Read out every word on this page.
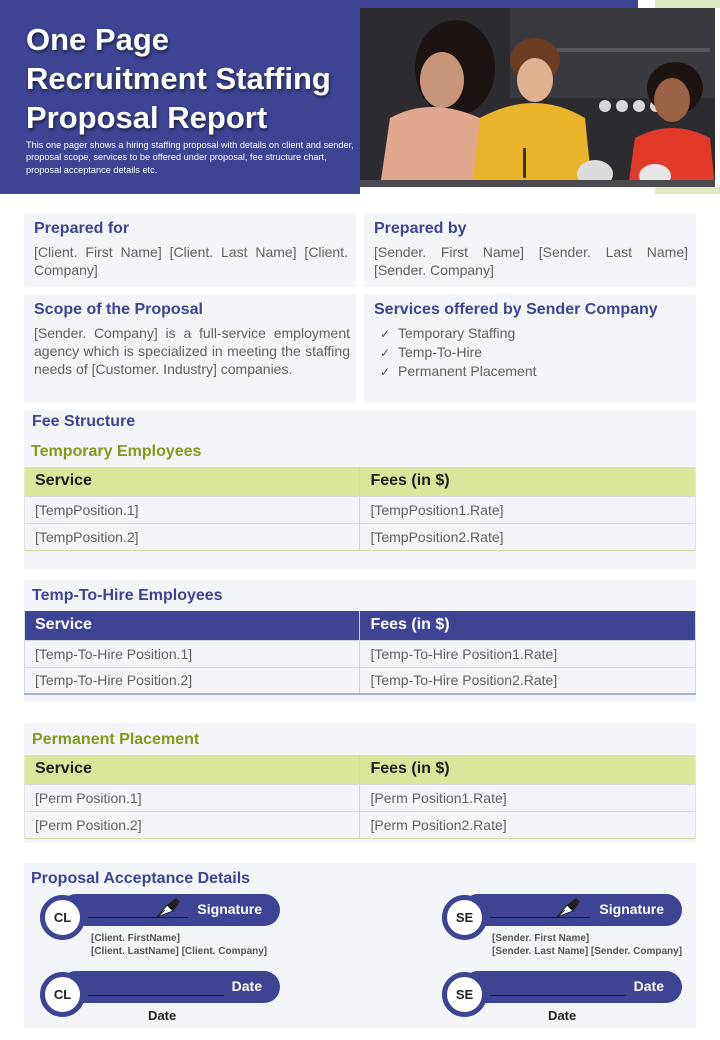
One Page Recruitment Staffing Proposal Report
This one pager shows a hiring staffing proposal with details on client and sender, proposal scope, services to be offered under proposal, fee structure chart, proposal acceptance details etc.
Prepared for
[Client. First Name] [Client. Last Name] [Client. Company]
Prepared by
[Sender. First Name] [Sender. Last Name] [Sender. Company]
Scope of the Proposal
[Sender. Company] is a full-service employment agency which is specialized in meeting the staffing needs of [Customer. Industry] companies.
Services offered by Sender Company
✓ Temporary Staffing
✓ Temp-To-Hire
✓ Permanent Placement
Fee Structure
Temporary Employees
Service	Fees (in $)
[TempPosition.1]	[TempPosition1.Rate]
[TempPosition.2]	[TempPosition2.Rate]
Temp-To-Hire Employees
Service	Fees (in $)
[Temp-To-Hire Position.1]	[Temp-To-Hire Position1.Rate]
[Temp-To-Hire Position.2]	[Temp-To-Hire Position2.Rate]
Permanent Placement
Service	Fees (in $)
[Perm Position.1]	[Perm Position1.Rate]
[Perm Position.2]	[Perm Position2.Rate]
Proposal Acceptance Details
Signature
CL
[Client. FirstName]
[Client. LastName] [Client. Company]
Date
CL
Date
Signature
SE
[Sender. First Name]
[Sender. Last Name] [Sender. Company]
Date
SE
Date
